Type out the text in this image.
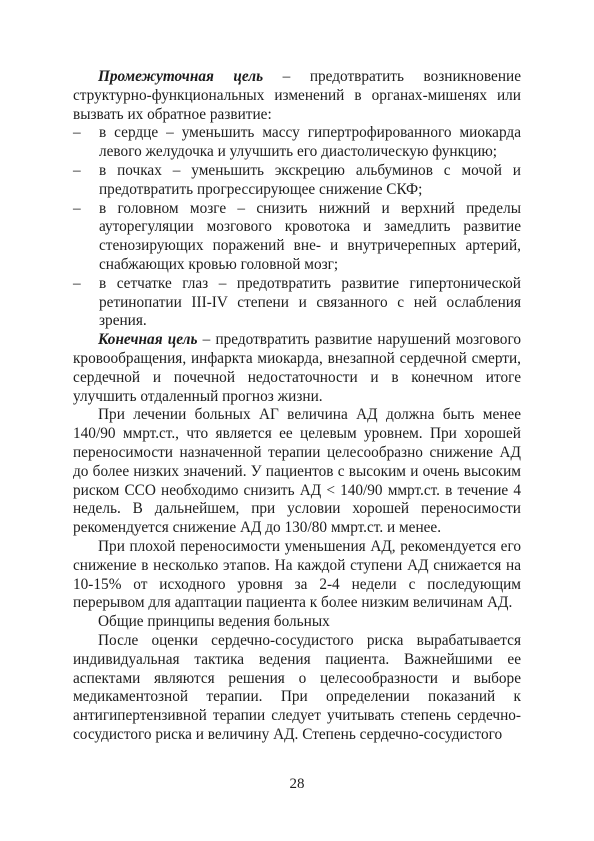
Промежуточная цель – предотвратить возникновение структурно-функциональных изменений в органах-мишенях или вызвать их обратное развитие:

– в сердце – уменьшить массу гипертрофированного миокарда левого желудочка и улучшить его диастолическую функцию;
– в почках – уменьшить экскрецию альбуминов с мочой и предотвратить прогрессирующее снижение СКФ;
– в головном мозге – снизить нижний и верхний пределы ауторегуляции мозгового кровотока и замедлить развитие стенозирующих поражений вне- и внутричерепных артерий, снабжающих кровью головной мозг;
– в сетчатке глаз – предотвратить развитие гипертонической ретинопатии III-IV степени и связанного с ней ослабления зрения.

Конечная цель – предотвратить развитие нарушений мозгового кровообращения, инфаркта миокарда, внезапной сердечной смерти, сердечной и почечной недостаточности и в конечном итоге улучшить отдаленный прогноз жизни.

При лечении больных АГ величина АД должна быть менее 140/90 ммрт.ст., что является ее целевым уровнем. При хорошей переносимости назначенной терапии целесообразно снижение АД до более низких значений. У пациентов с высоким и очень высоким риском ССО необходимо снизить АД < 140/90 ммрт.ст. в течение 4 недель. В дальнейшем, при условии хорошей переносимости рекомендуется снижение АД до 130/80 ммрт.ст. и менее.

При плохой переносимости уменьшения АД, рекомендуется его снижение в несколько этапов. На каждой ступени АД снижается на 10-15% от исходного уровня за 2-4 недели с последующим перерывом для адаптации пациента к более низким величинам АД.

Общие принципы ведения больных

После оценки сердечно-сосудистого риска вырабатывается индивидуальная тактика ведения пациента. Важнейшими ее аспектами являются решения о целесообразности и выборе медикаментозной терапии. При определении показаний к антигипертензивной терапии следует учитывать степень сердечно-сосудистого риска и величину АД. Степень сердечно-сосудистого

28
